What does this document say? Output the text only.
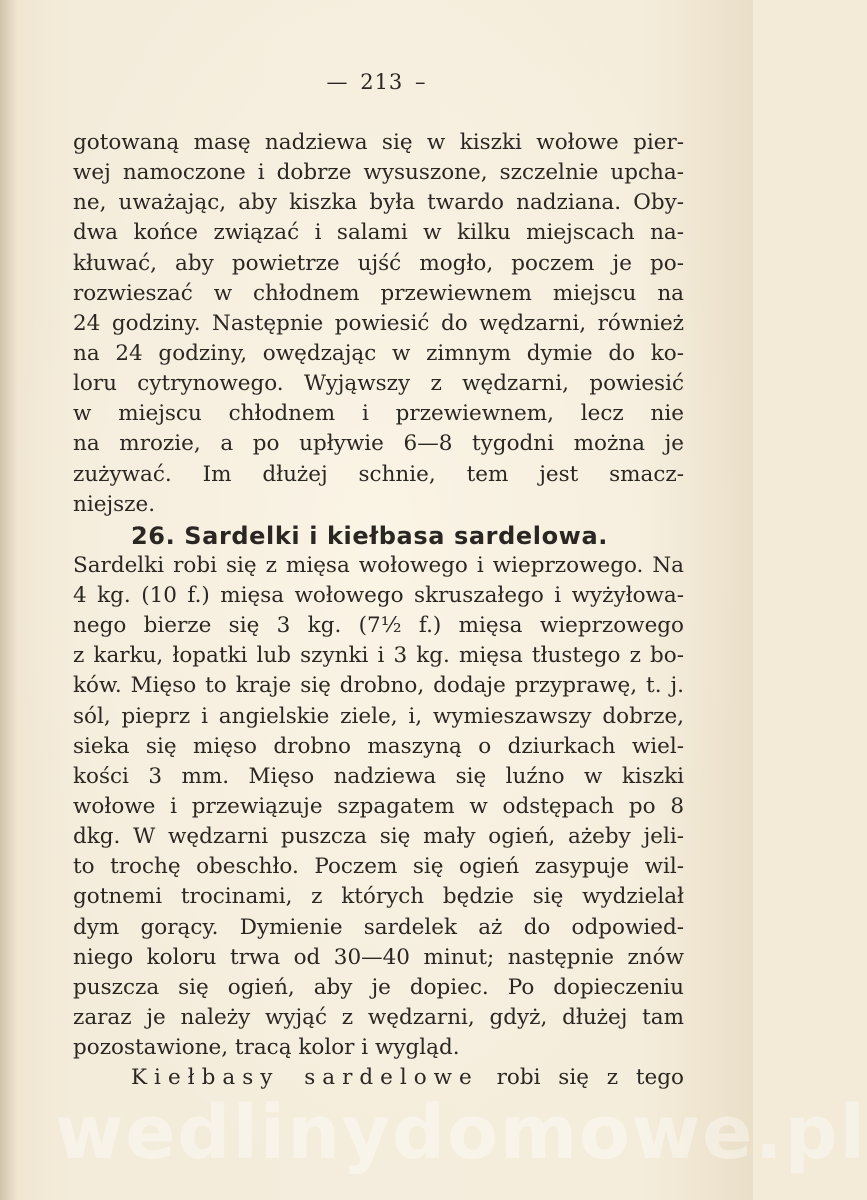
— 213 –
gotowaną masę nadziewa się w kiszki wołowe pier-
wej namoczone i dobrze wysuszone, szczelnie upcha-
ne, uważając, aby kiszka była twardo nadziana. Oby-
dwa końce związać i salami w kilku miejscach na-
kłuwać, aby powietrze ujść mogło, poczem je po-
rozwieszać w chłodnem przewiewnem miejscu na
24 godziny. Następnie powiesić do wędzarni, również
na 24 godziny, owędzając w zimnym dymie do ko-
loru cytrynowego. Wyjąwszy z wędzarni, powiesić
w miejscu chłodnem i przewiewnem, lecz nie
na mrozie, a po upływie 6—8 tygodni można je
zużywać. Im dłużej schnie, tem jest smacz-
niejsze.
26. Sardelki i kiełbasa sardelowa.
Sardelki robi się z mięsa wołowego i wieprzowego. Na
4 kg. (10 f.) mięsa wołowego skruszałego i wyżyłowa-
nego bierze się 3 kg. (7½ f.) mięsa wieprzowego
z karku, łopatki lub szynki i 3 kg. mięsa tłustego z bo-
ków. Mięso to kraje się drobno, dodaje przyprawę, t. j.
sól, pieprz i angielskie ziele, i, wymieszawszy dobrze,
sieka się mięso drobno maszyną o dziurkach wiel-
kości 3 mm. Mięso nadziewa się luźno w kiszki
wołowe i przewiązuje szpagatem w odstępach po 8
dkg. W wędzarni puszcza się mały ogień, ażeby jeli-
to trochę obeschło. Poczem się ogień zasypuje wil-
gotnemi trocinami, z których będzie się wydzielał
dym gorący. Dymienie sardelek aż do odpowied-
niego koloru trwa od 30—40 minut; następnie znów
puszcza się ogień, aby je dopiec. Po dopieczeniu
zaraz je należy wyjąć z wędzarni, gdyż, dłużej tam
pozostawione, tracą kolor i wygląd.
Kiełbasy sardelowe robi się z tego
wedlinydomowe.pl
